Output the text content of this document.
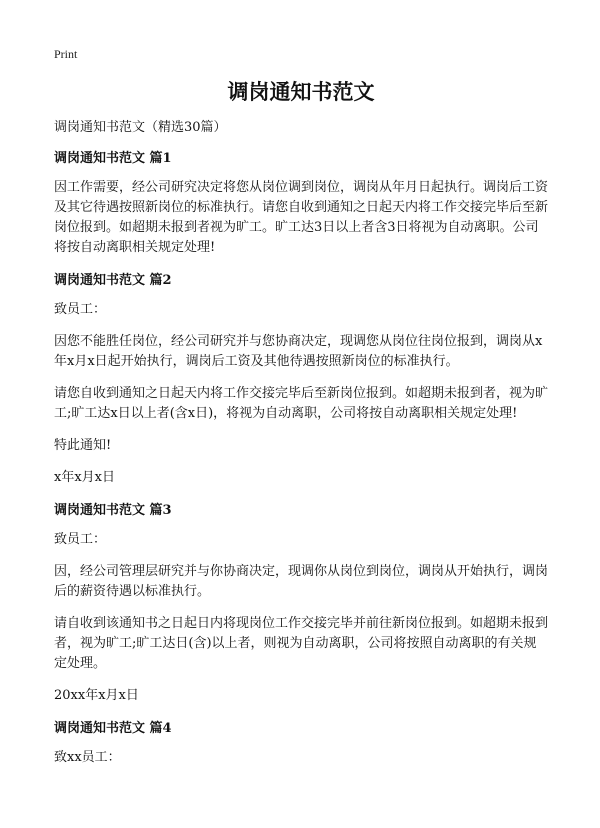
Print
调岗通知书范文
调岗通知书范文（精选30篇）
调岗通知书范文 篇1

因工作需要，经公司研究决定将您从岗位调到岗位，调岗从年月日起执行。调岗后工资及其它待遇按照新岗位的标准执行。请您自收到通知之日起天内将工作交接完毕后至新岗位报到。如超期未报到者视为旷工。旷工达3日以上者含3日将视为自动离职。公司将按自动离职相关规定处理!

调岗通知书范文 篇2

致员工：

因您不能胜任岗位，经公司研究并与您协商决定，现调您从岗位往岗位报到，调岗从x年x月x日起开始执行，调岗后工资及其他待遇按照新岗位的标准执行。

请您自收到通知之日起天内将工作交接完毕后至新岗位报到。如超期未报到者，视为旷工;旷工达x日以上者(含x日)，将视为自动离职，公司将按自动离职相关规定处理!

特此通知!

x年x月x日

调岗通知书范文 篇3

致员工：

因，经公司管理层研究并与你协商决定，现调你从岗位到岗位，调岗从开始执行，调岗后的薪资待遇以标准执行。

请自收到该通知书之日起日内将现岗位工作交接完毕并前往新岗位报到。如超期未报到者，视为旷工;旷工达日(含)以上者，则视为自动离职，公司将按照自动离职的有关规定处理。

20xx年x月x日

调岗通知书范文 篇4

致xx员工：
